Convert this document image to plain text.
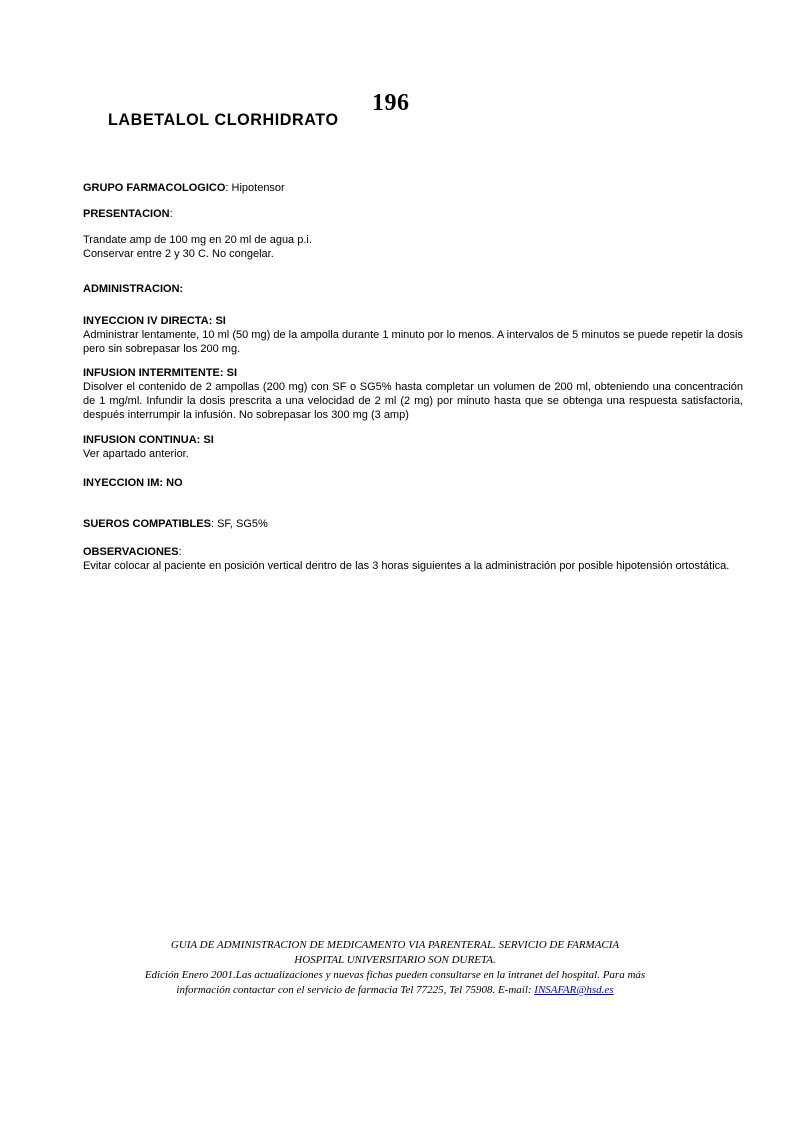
196
LABETALOL CLORHIDRATO

GRUPO FARMACOLOGICO: Hipotensor

PRESENTACION:

Trandate amp de 100 mg en 20 ml de agua p.i.

Conservar entre 2 y 30 C. No congelar.

ADMINISTRACION:

INYECCION IV DIRECTA: SI

Administrar lentamente, 10 ml (50 mg) de la ampolla durante 1 minuto por lo menos. A intervalos de 5 minutos se puede repetir la dosis pero sin sobrepasar los 200 mg.

INFUSION INTERMITENTE: SI

Disolver el contenido de 2 ampollas (200 mg) con SF o SG5% hasta completar un volumen de 200 ml, obteniendo una concentración de 1 mg/ml. Infundir la dosis prescrita a una velocidad de 2 ml (2 mg) por minuto hasta que se obtenga una respuesta satisfactoria, después interrumpir la infusión. No sobrepasar los 300 mg (3 amp)

INFUSION CONTINUA: SI

Ver apartado anterior.

INYECCION IM: NO

SUEROS COMPATIBLES: SF, SG5%

OBSERVACIONES:

Evitar colocar al paciente en posición vertical dentro de las 3 horas siguientes a la administración por posible hipotensión ortostática.

GUIA DE ADMINISTRACION DE MEDICAMENTO VIA PARENTERAL. SERVICIO DE FARMACIA

HOSPITAL UNIVERSITARIO SON DURETA.

Edición Enero 2001.Las actualizaciones y nuevas fichas pueden consultarse en la intranet del hospital. Para más

información contactar con el servicio de farmacia Tel 77225, Tel 75908. E-mail: INSAFAR@hsd.es
